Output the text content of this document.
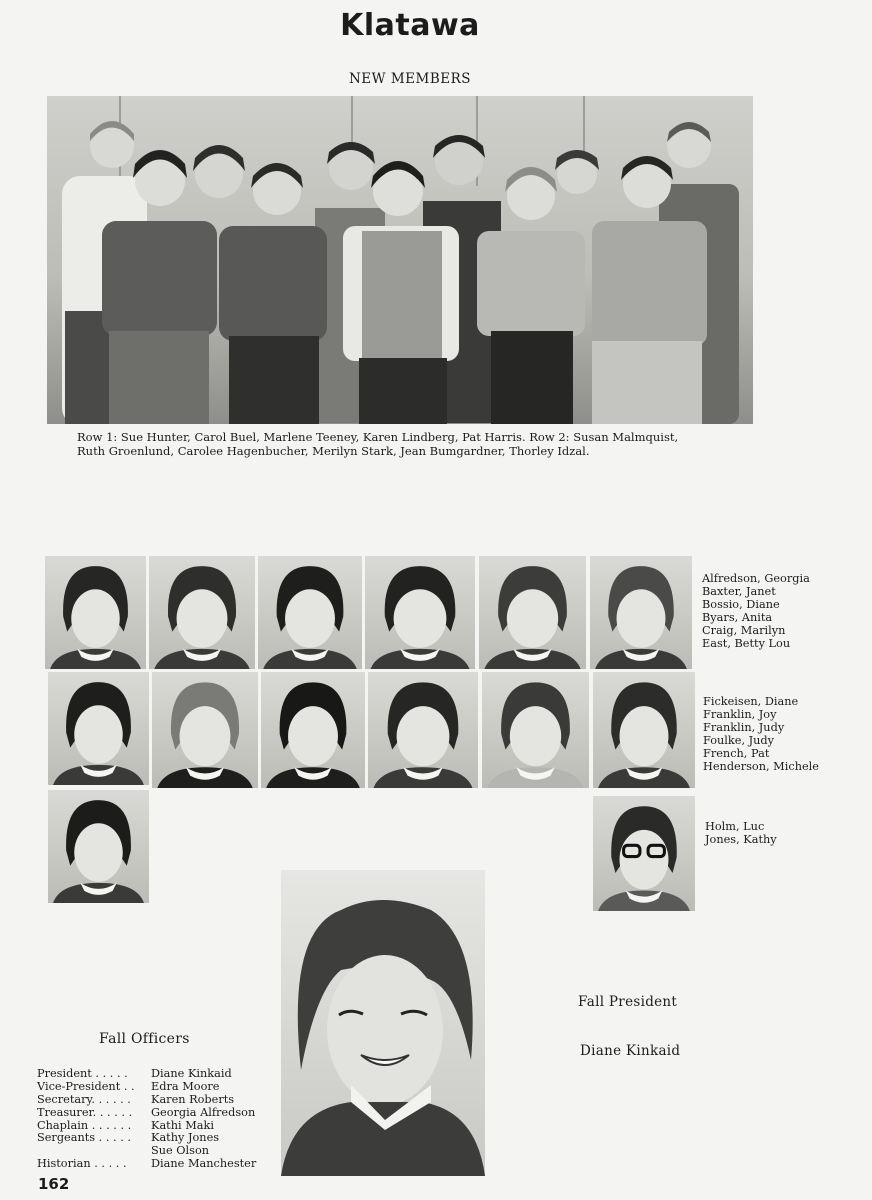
Klatawa
NEW MEMBERS
Row 1: Sue Hunter, Carol Buel, Marlene Teeney, Karen Lindberg, Pat Harris. Row 2: Susan Malmquist,
Ruth Groenlund, Carolee Hagenbucher, Merilyn Stark, Jean Bumgardner, Thorley Idzal.
Alfredson, Georgia
Baxter, Janet
Bossio, Diane
Byars, Anita
Craig, Marilyn
East, Betty Lou
Fickeisen, Diane
Franklin, Joy
Franklin, Judy
Foulke, Judy
French, Pat
Henderson, Michele
Holm, Luc
Jones, Kathy
Fall President
Diane Kinkaid
Fall Officers
President . . . . .	Diane Kinkaid
Vice-President . .	Edra Moore
Secretary. . . . . .	Karen Roberts
Treasurer. . . . . .	Georgia Alfredson
Chaplain . . . . . .	Kathi Maki
Sergeants . . . . .	Kathy Jones
Sue Olson
Historian . . . . .	Diane Manchester
162
